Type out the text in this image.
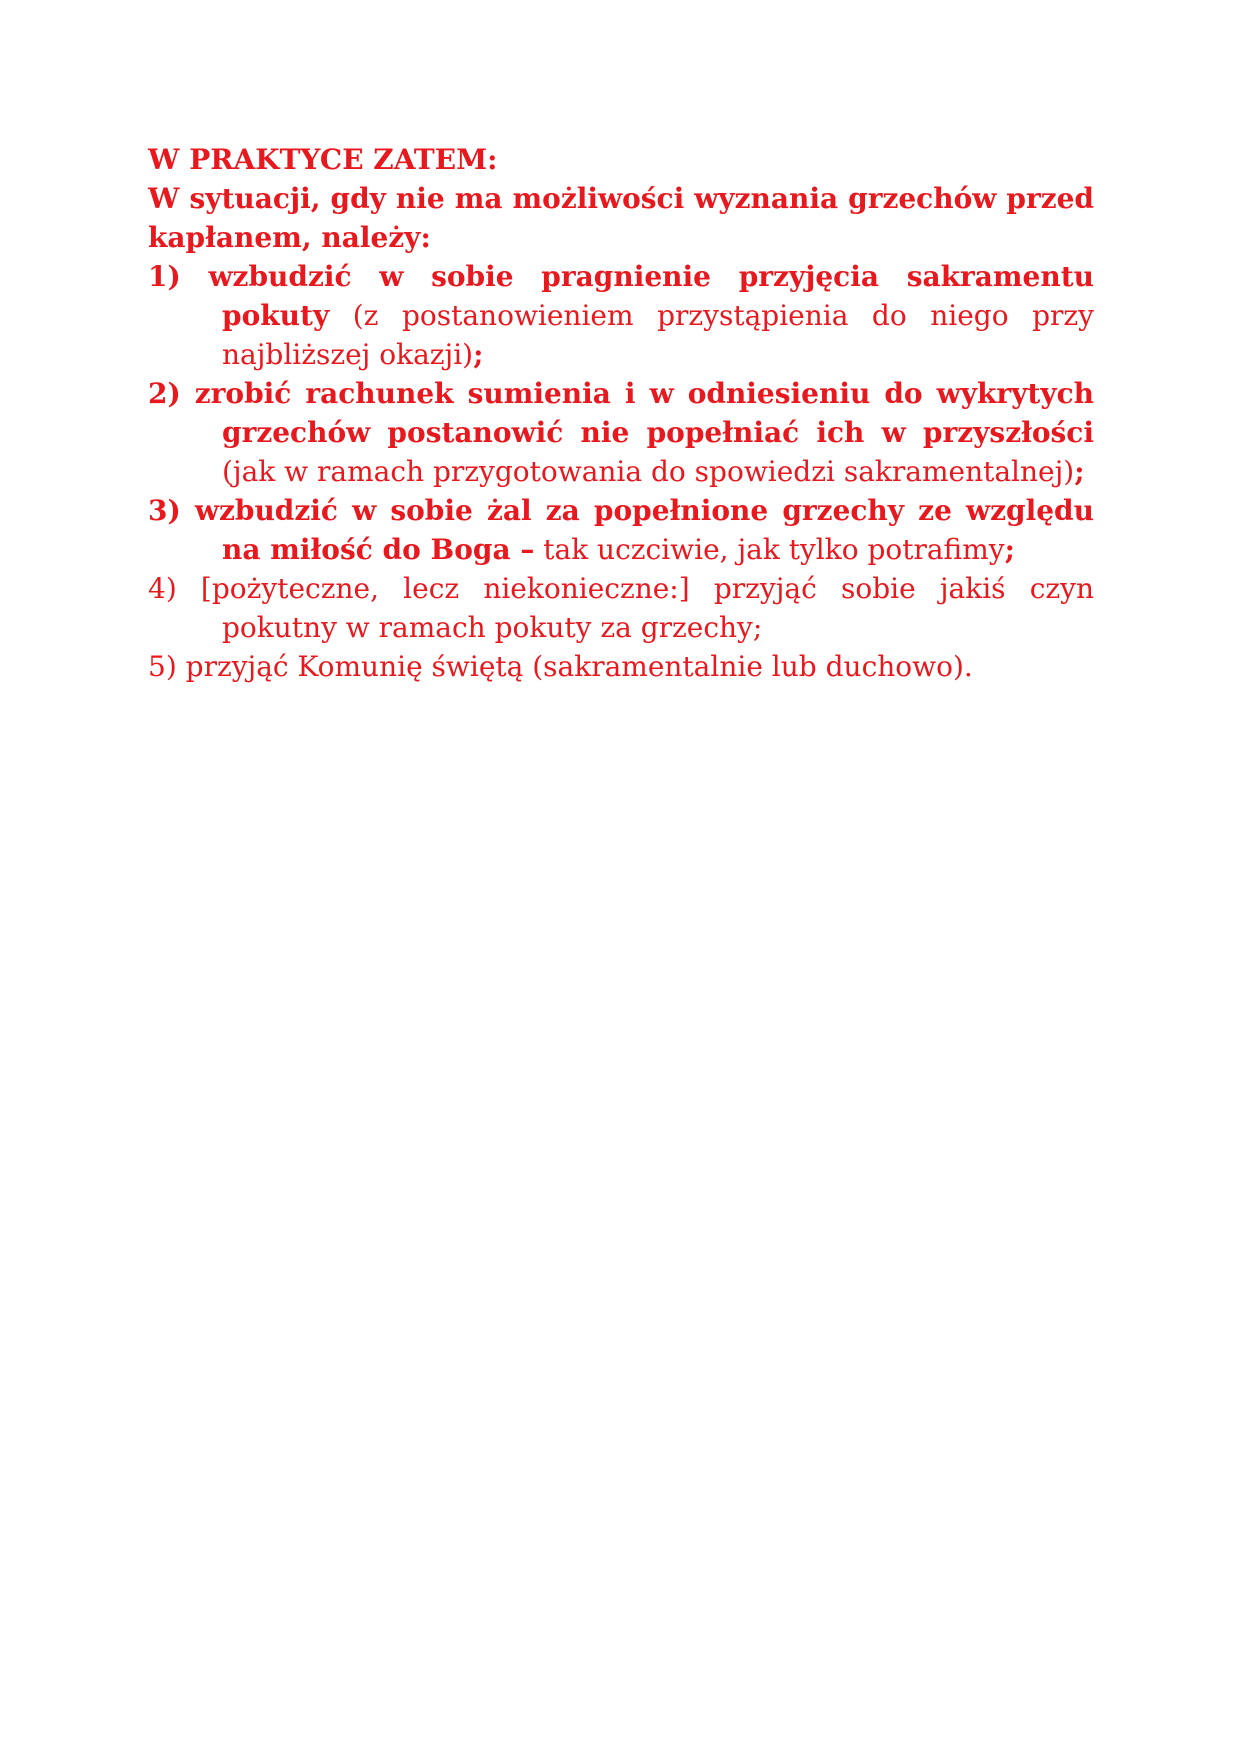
W PRAKTYCE ZATEM:

W sytuacji, gdy nie ma możliwości wyznania grzechów przed kapłanem, należy:

1) wzbudzić w sobie pragnienie przyjęcia sakramentu pokuty (z postanowieniem przystąpienia do niego przy najbliższej okazji);
2) zrobić rachunek sumienia i w odniesieniu do wykrytych grzechów postanowić nie popełniać ich w przyszłości (jak w ramach przygotowania do spowiedzi sakramentalnej);
3) wzbudzić w sobie żal za popełnione grzechy ze względu na miłość do Boga – tak uczciwie, jak tylko potrafimy;
4) [pożyteczne, lecz niekonieczne:] przyjąć sobie jakiś czyn pokutny w ramach pokuty za grzechy;
5) przyjąć Komunię świętą (sakramentalnie lub duchowo).
